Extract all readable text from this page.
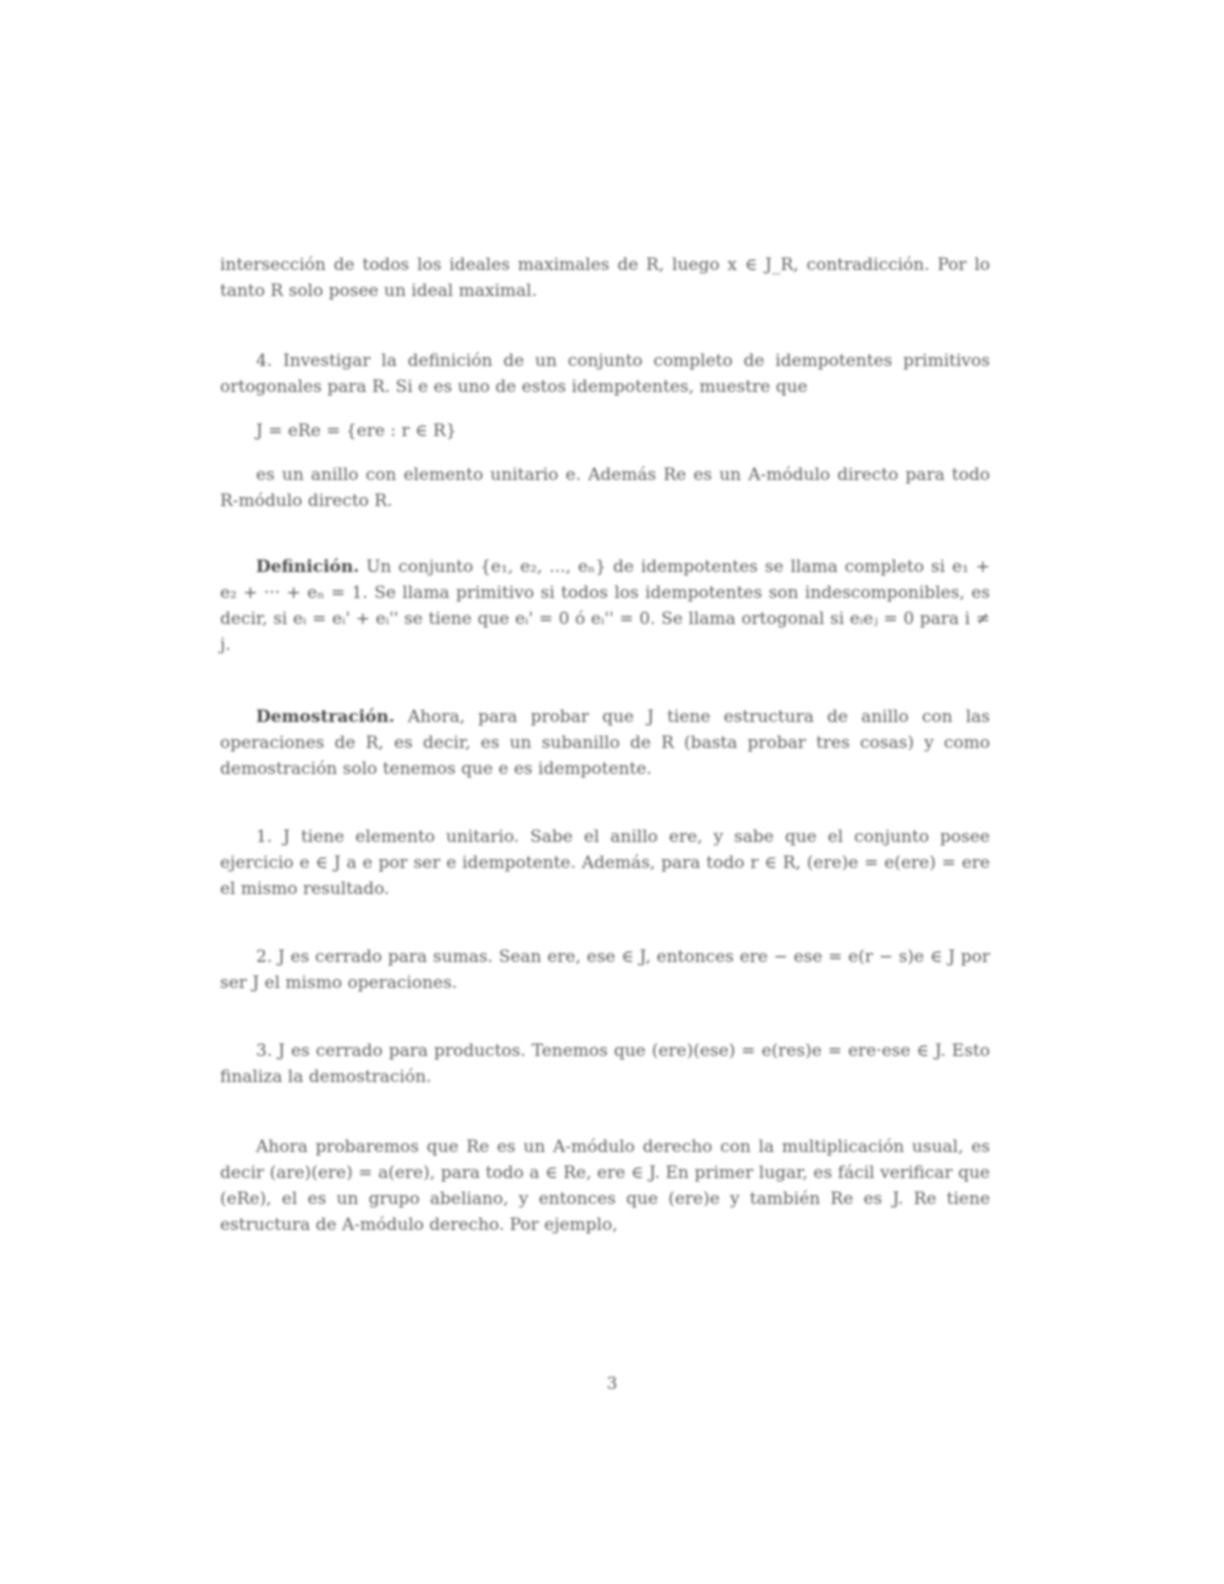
intersección de todos los ideales maximales de R, luego x ∈ J_R, contradicción. Por lo tanto R solo posee un ideal maximal.

4. Investigar la definición de un conjunto completo de idempotentes primitivos ortogonales para R. Si e es uno de estos idempotentes, muestre que

J = eRe = {ere : r ∈ R}

es un anillo con elemento unitario e. Además Re es un A-módulo directo para todo R-módulo directo R.

Definición. Un conjunto {e₁, e₂, ..., eₙ} de idempotentes se llama completo si e₁ + e₂ + ··· + eₙ = 1. Se llama primitivo si todos los idempotentes son indescomponibles, es decir, si eᵢ = eᵢ' + eᵢ'' se tiene que eᵢ' = 0 ó eᵢ'' = 0. Se llama ortogonal si eᵢeⱼ = 0 para i ≠ j.

Demostración. Ahora, para probar que J tiene estructura de anillo con las operaciones de R, es decir, es un subanillo de R (basta probar tres cosas) y como demostración solo tenemos que e es idempotente.

1. J tiene elemento unitario. Sabe el anillo ere, y sabe que el conjunto posee ejercicio e ∈ J a e por ser e idempotente. Además, para todo r ∈ R, (ere)e = e(ere) = ere el mismo resultado.

2. J es cerrado para sumas. Sean ere, ese ∈ J, entonces ere − ese = e(r − s)e ∈ J por ser J el mismo operaciones.

3. J es cerrado para productos. Tenemos que (ere)(ese) = e(res)e = ere·ese ∈ J. Esto finaliza la demostración.

Ahora probaremos que Re es un A-módulo derecho con la multiplicación usual, es decir (are)(ere) = a(ere), para todo a ∈ Re, ere ∈ J. En primer lugar, es fácil verificar que (eRe), el es un grupo abeliano, y entonces que (ere)e y también Re es J. Re tiene estructura de A-módulo derecho. Por ejemplo,

3
